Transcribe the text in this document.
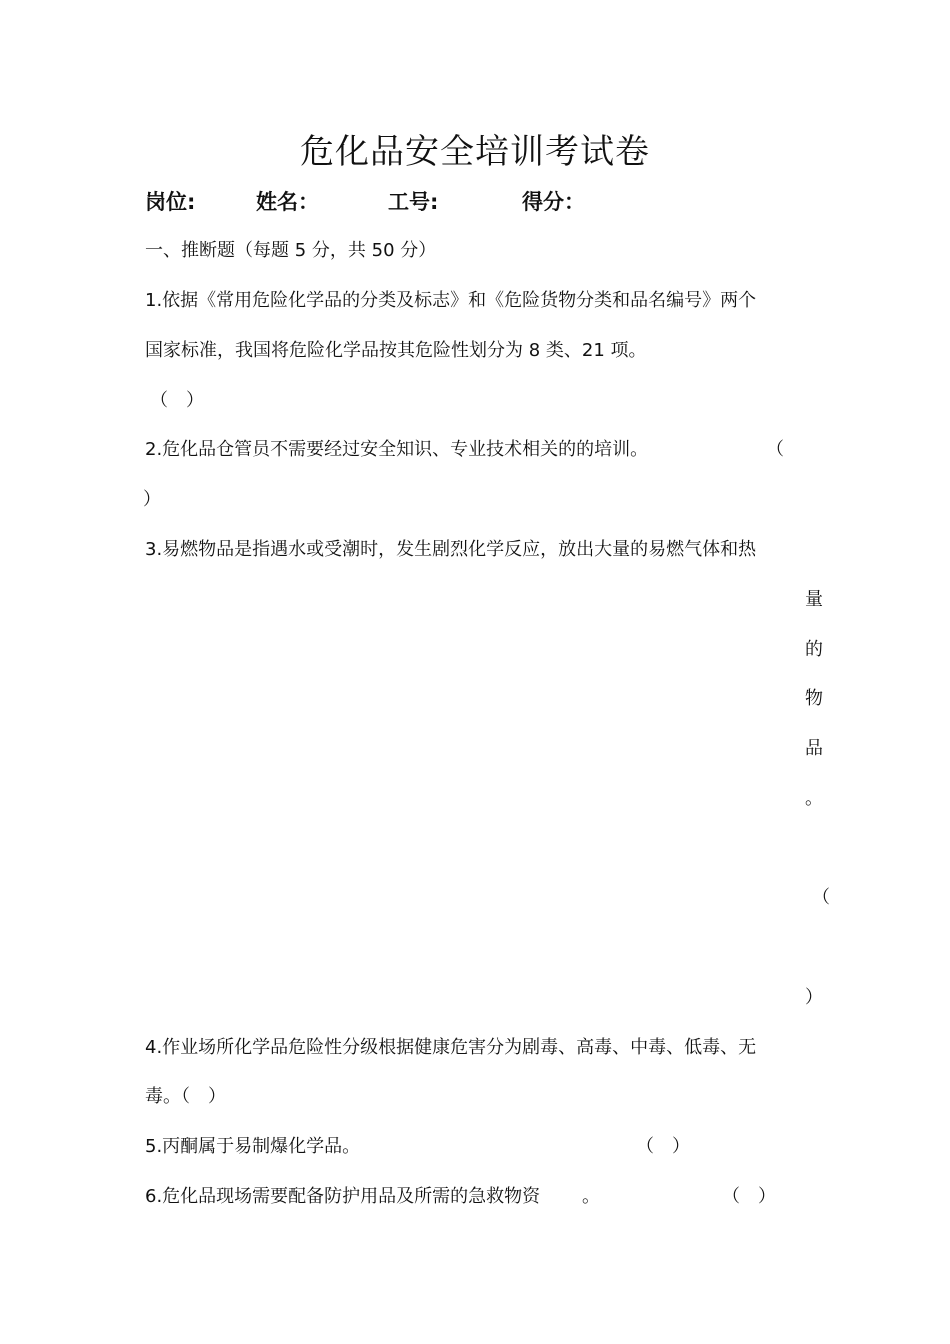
危化品安全培训考试卷
岗位:	姓名：	工号:	得分：
一、推断题（每题 5 分，共 50 分）
1.依据《常用危险化学品的分类及标志》和《危险货物分类和品名编号》两个
国家标准，我国将危险化学品按其危险性划分为 8 类、21 项。
（　）
2.危化品仓管员不需要经过安全知识、专业技术相关的的培训。	（
）
3.易燃物品是指遇水或受潮时，发生剧烈化学反应，放出大量的易燃气体和热
量
的
物
品
。
（
）
4.作业场所化学品危险性分级根据健康危害分为剧毒、高毒、中毒、低毒、无
毒。（　）
5.丙酮属于易制爆化学品。	（　）
6.危化品现场需要配备防护用品及所需的急救物资 。	（　）
